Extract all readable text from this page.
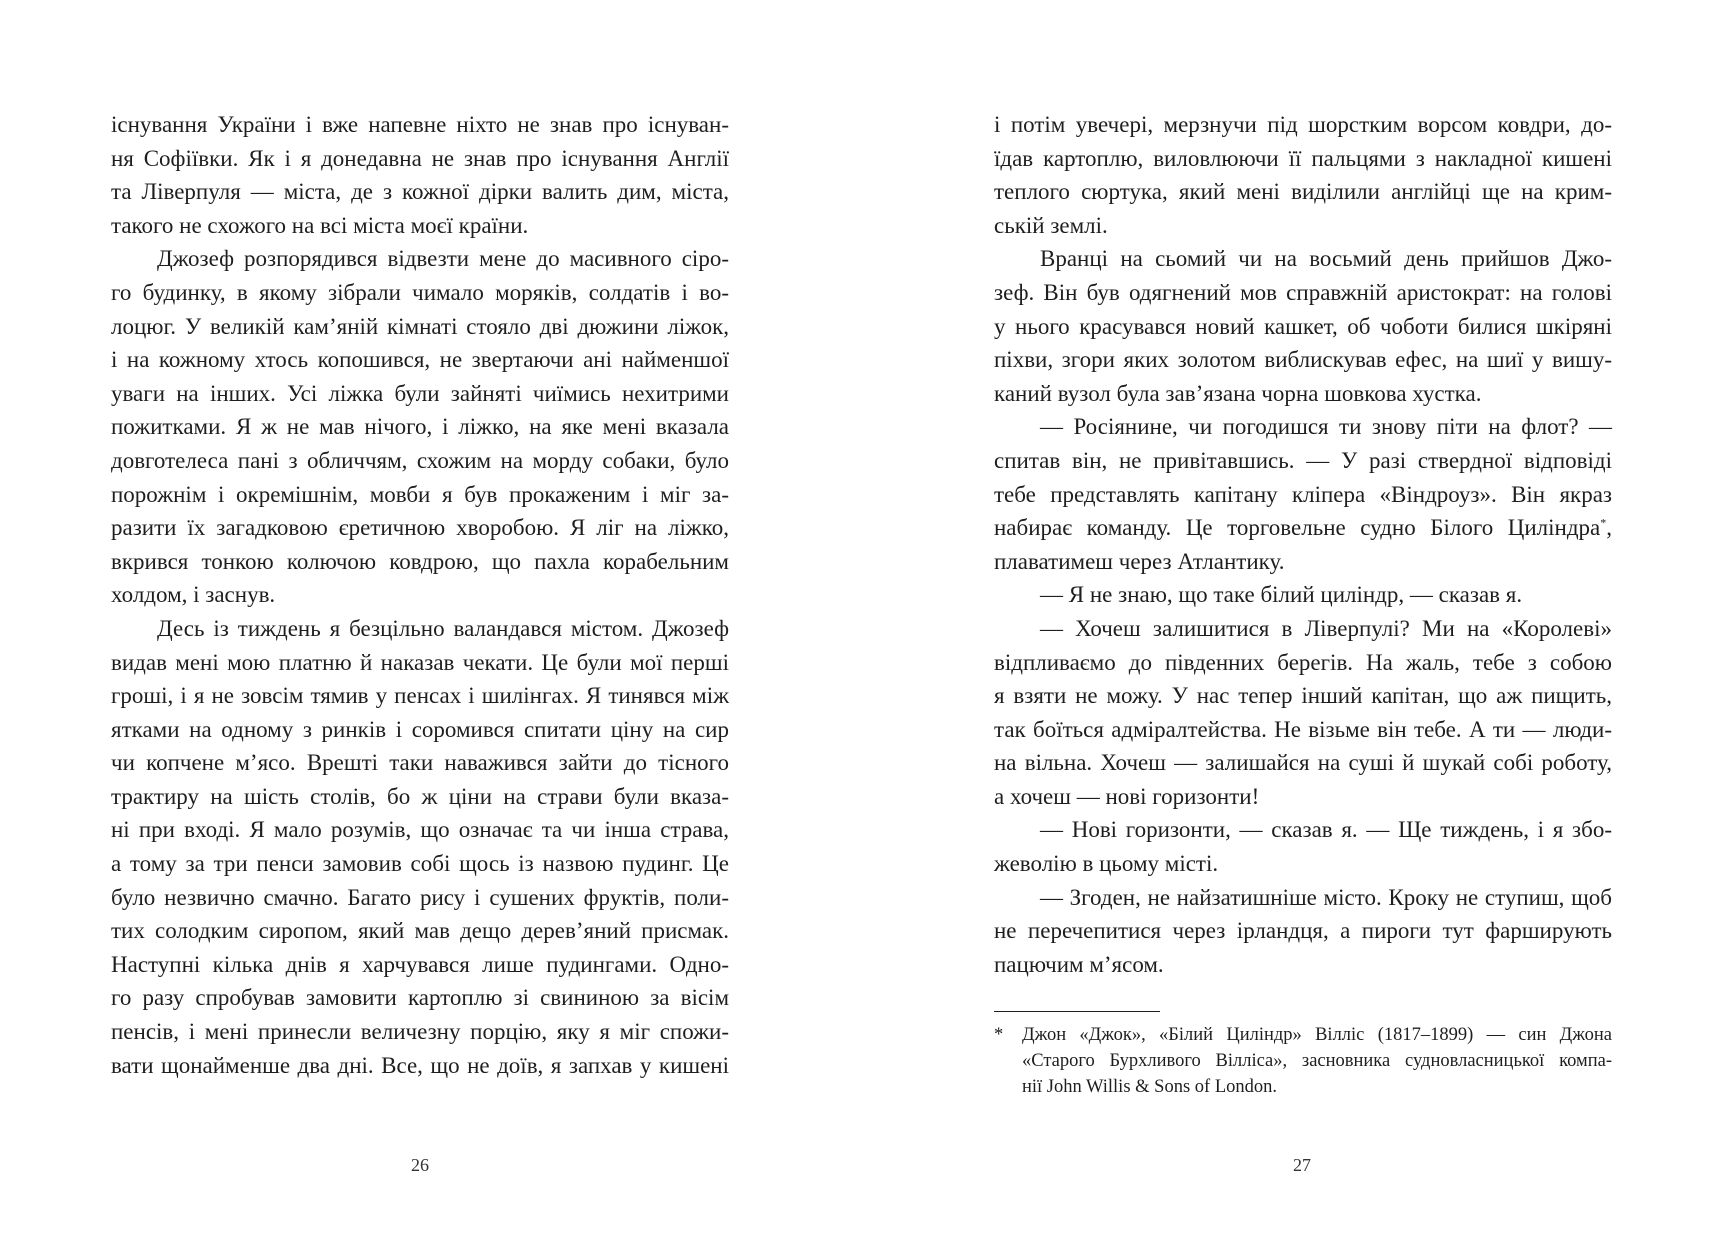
існування України і вже напевне ніхто не знав про існуван-
ня Софіївки. Як і я донедавна не знав про існування Англії
та Ліверпуля — міста, де з кожної дірки валить дим, міста,
такого не схожого на всі міста моєї країни.
Джозеф розпорядився відвезти мене до масивного сіро-
го будинку, в якому зібрали чимало моряків, солдатів і во-
лоцюг. У великій кам’яній кімнаті стояло дві дюжини ліжок,
і на кожному хтось копошився, не звертаючи ані найменшої
уваги на інших. Усі ліжка були зайняті чиїмись нехитрими
пожитками. Я ж не мав нічого, і ліжко, на яке мені вказала
довготелеса пані з обличчям, схожим на морду собаки, було
порожнім і окремішнім, мовби я був прокаженим і міг за-
разити їх загадковою єретичною хворобою. Я ліг на ліжко,
вкрився тонкою колючою ковдрою, що пахла корабельним
холдом, і заснув.
Десь із тиждень я безцільно валандався містом. Джозеф
видав мені мою платню й наказав чекати. Це були мої перші
гроші, і я не зовсім тямив у пенсах і шилінгах. Я тинявся між
ятками на одному з ринків і соромився спитати ціну на сир
чи копчене м’ясо. Врешті таки наважився зайти до тісного
трактиру на шість столів, бо ж ціни на страви були вказа-
ні при вході. Я мало розумів, що означає та чи інша страва,
а тому за три пенси замовив собі щось із назвою пудинг. Це
було незвично смачно. Багато рису і сушених фруктів, поли-
тих солодким сиропом, який мав дещо дерев’яний присмак.
Наступні кілька днів я харчувався лише пудингами. Одно-
го разу спробував замовити картоплю зі свининою за вісім
пенсів, і мені принесли величезну порцію, яку я міг спожи-
вати щонайменше два дні. Все, що не доїв, я запхав у кишені
і потім увечері, мерзнучи під шорстким ворсом ковдри, до-
їдав картоплю, виловлюючи її пальцями з накладної кишені
теплого сюртука, який мені виділили англійці ще на крим-
ській землі.
Вранці на сьомий чи на восьмий день прийшов Джо-
зеф. Він був одягнений мов справжній аристократ: на голові
у нього красувався новий кашкет, об чоботи билися шкіряні
піхви, згори яких золотом виблискував ефес, на шиї у вишу-
каний вузол була зав’язана чорна шовкова хустка.
— Росіянине, чи погодишся ти знову піти на флот? —
спитав він, не привітавшись. — У разі ствердної відповіді
тебе представлять капітану кліпера «Віндроуз». Він якраз
набирає команду. Це торговельне судно Білого Циліндра*,
плаватимеш через Атлантику.
— Я не знаю, що таке білий циліндр, — сказав я.
— Хочеш залишитися в Ліверпулі? Ми на «Королеві»
відпливаємо до південних берегів. На жаль, тебе з собою
я взяти не можу. У нас тепер інший капітан, що аж пищить,
так боїться адміралтейства. Не візьме він тебе. А ти — люди-
на вільна. Хочеш — залишайся на суші й шукай собі роботу,
а хочеш — нові горизонти!
— Нові горизонти, — сказав я. — Ще тиждень, і я збо-
жеволію в цьому місті.
— Згоден, не найзатишніше місто. Кроку не ступиш, щоб
не перечепитися через ірландця, а пироги тут фарширують
пацючим м’ясом.
* Джон «Джок», «Білий Циліндр» Вілліс (1817–1899) — син Джона
«Старого Бурхливого Вілліса», засновника судновласницької компа-
нії John Willis & Sons of London.
26	27
